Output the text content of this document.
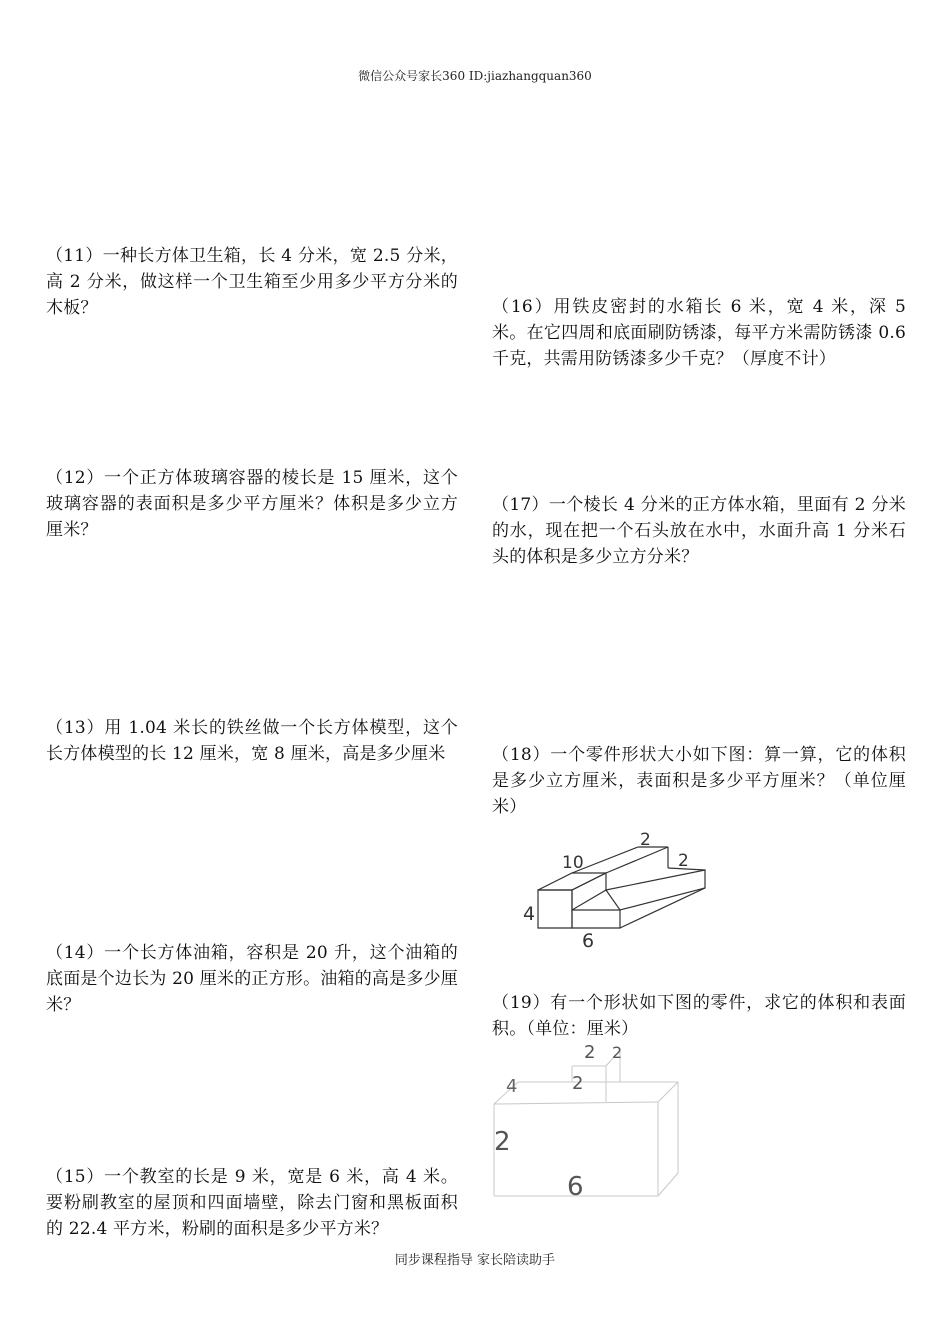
微信公众号家长360 ID:jiazhangquan360
（11）一种长方体卫生箱，长 4 分米，宽 2.5 分米，高 2 分米，做这样一个卫生箱至少用多少平方分米的木板？
（12）一个正方体玻璃容器的棱长是 15 厘米，这个玻璃容器的表面积是多少平方厘米？体积是多少立方厘米？
（13）用 1.04 米长的铁丝做一个长方体模型，这个长方体模型的长 12 厘米，宽 8 厘米，高是多少厘米
（14）一个长方体油箱，容积是 20 升，这个油箱的底面是个边长为 20 厘米的正方形。油箱的高是多少厘米？
（15）一个教室的长是 9 米，宽是 6 米，高 4 米。要粉刷教室的屋顶和四面墙壁，除去门窗和黑板面积的 22.4 平方米，粉刷的面积是多少平方米？
（16）用铁皮密封的水箱长 6 米，宽 4 米，深 5 米。在它四周和底面刷防锈漆，每平方米需防锈漆 0.6 千克，共需用防锈漆多少千克？（厚度不计）
（17）一个棱长 4 分米的正方体水箱，里面有 2 分米的水，现在把一个石头放在水中，水面升高 1 分米石头的体积是多少立方分米？
（18）一个零件形状大小如下图：算一算，它的体积是多少立方厘米，表面积是多少平方厘米？（单位厘米）
2
10	2
4
6
（19）有一个形状如下图的零件，求它的体积和表面积。（单位：厘米）
2 2
4	2
2
6
同步课程指导 家长陪读助手
